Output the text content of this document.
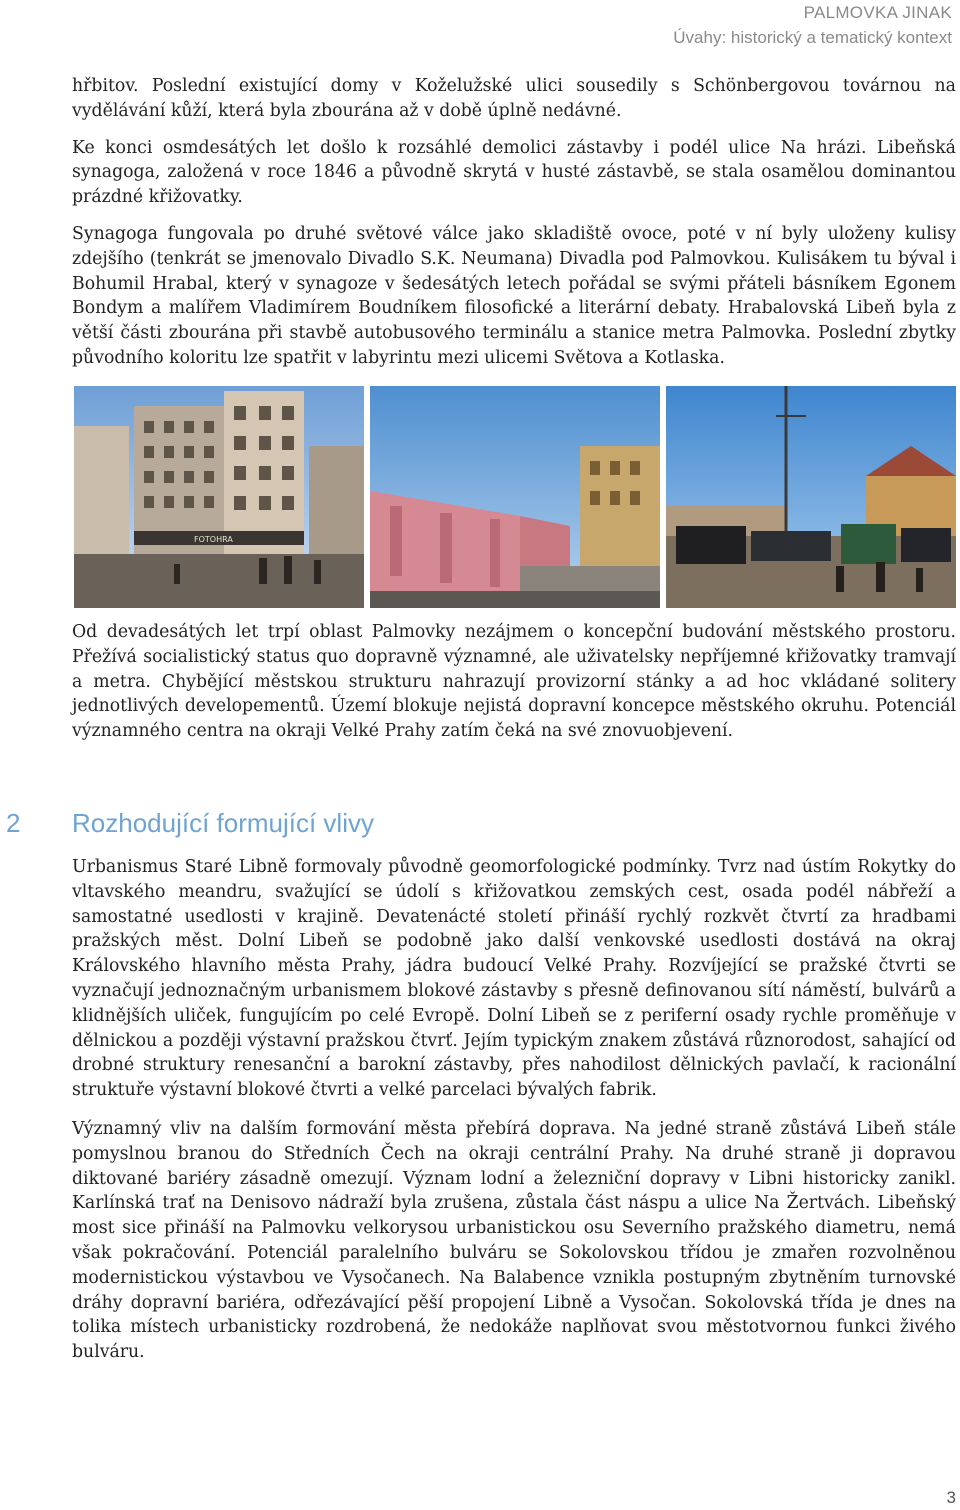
PALMOVKA JINAK
Úvahy: historický a tematický kontext

hřbitov. Poslední existující domy v Koželužské ulici sousedily s Schönbergovou továrnou na vydělávání kůží, která byla zbourána až v době úplně nedávné.

Ke konci osmdesátých let došlo k rozsáhlé demolici zástavby i podél ulice Na hrázi. Libeňská synagoga, založená v roce 1846 a původně skrytá v husté zástavbě, se stala osamělou dominantou prázdné křižovatky.

Synagoga fungovala po druhé světové válce jako skladiště ovoce, poté v ní byly uloženy kulisy zdejšího (tenkrát se jmenovalo Divadlo S.K. Neumana) Divadla pod Palmovkou. Kulisákem tu býval i Bohumil Hrabal, který v synagoze v šedesátých letech pořádal se svými přáteli básníkem Egonem Bondym a malířem Vladimírem Boudníkem filosofické a literární debaty. Hrabalovská Libeň byla z větší části zbourána při stavbě autobusového terminálu a stanice metra Palmovka. Poslední zbytky původního koloritu lze spatřit v labyrintu mezi ulicemi Světova a Kotlaska.

FOTOHRA

Od devadesátých let trpí oblast Palmovky nezájmem o koncepční budování městského prostoru. Přežívá socialistický status quo dopravně významné, ale uživatelsky nepříjemné křižovatky tramvají a metra. Chybějící městskou strukturu nahrazují provizorní stánky a ad hoc vkládané solitery jednotlivých developementů. Území blokuje nejistá dopravní koncepce městského okruhu. Potenciál významného centra na okraji Velké Prahy zatím čeká na své znovuobjevení.

2 Rozhodující formující vlivy

Urbanismus Staré Libně formovaly původně geomorfologické podmínky. Tvrz nad ústím Rokytky do vltavského meandru, svažující se údolí s křižovatkou zemských cest, osada podél nábřeží a samostatné usedlosti v krajině. Devatenácté století přináší rychlý rozkvět čtvrtí za hradbami pražských měst. Dolní Libeň se podobně jako další venkovské usedlosti dostává na okraj Královského hlavního města Prahy, jádra budoucí Velké Prahy. Rozvíjející se pražské čtvrti se vyznačují jednoznačným urbanismem blokové zástavby s přesně definovanou sítí náměstí, bulvárů a klidnějších uliček, fungujícím po celé Evropě. Dolní Libeň se z periferní osady rychle proměňuje v dělnickou a později výstavní pražskou čtvrť. Jejím typickým znakem zůstává různorodost, sahající od drobné struktury renesanční a barokní zástavby, přes nahodilost dělnických pavlačí, k racionální struktuře výstavní blokové čtvrti a velké parcelaci bývalých fabrik.

Významný vliv na dalším formování města přebírá doprava. Na jedné straně zůstává Libeň stále pomyslnou branou do Středních Čech na okraji centrální Prahy. Na druhé straně ji dopravou diktované bariéry zásadně omezují. Význam lodní a železniční dopravy v Libni historicky zanikl. Karlínská trať na Denisovo nádraží byla zrušena, zůstala část náspu a ulice Na Žertvách. Libeňský most sice přináší na Palmovku velkorysou urbanistickou osu Severního pražského diametru, nemá však pokračování. Potenciál paralelního bulváru se Sokolovskou třídou je zmařen rozvolněnou modernistickou výstavbou ve Vysočanech. Na Balabence vznikla postupným zbytněním turnovské dráhy dopravní bariéra, odřezávající pěší propojení Libně a Vysočan. Sokolovská třída je dnes na tolika místech urbanisticky rozdrobená, že nedokáže naplňovat svou městotvornou funkci živého bulváru.

3
